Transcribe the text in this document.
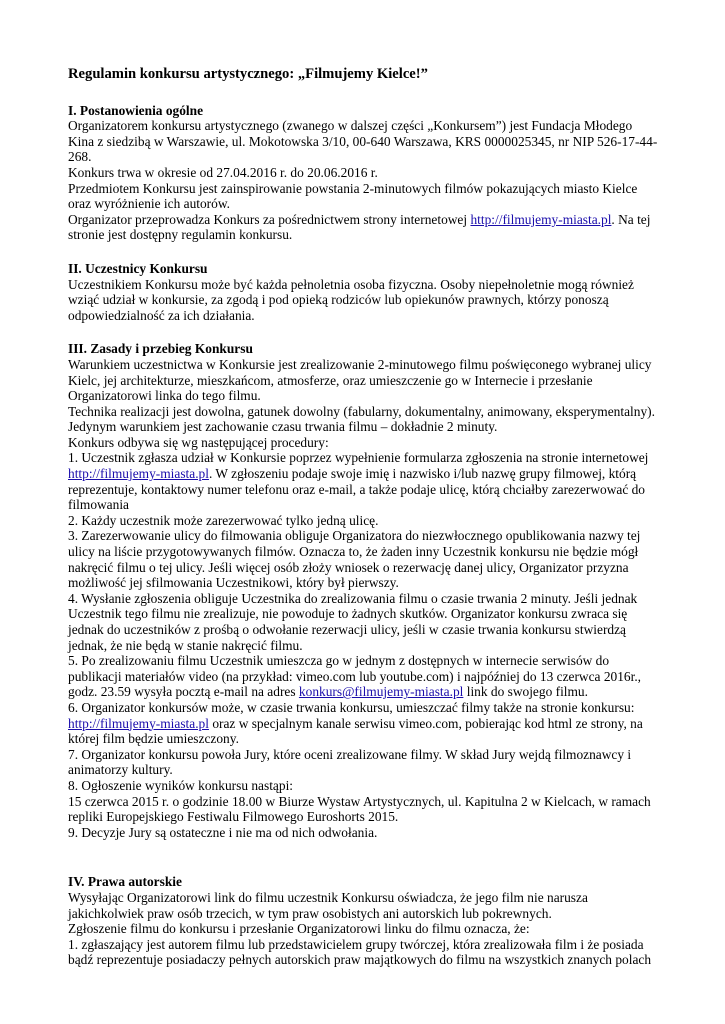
Regulamin konkursu artystycznego: „Filmujemy Kielce!”
I. Postanowienia ogólne
Organizatorem konkursu artystycznego (zwanego w dalszej części „Konkursem”) jest Fundacja Młodego Kina z siedzibą w Warszawie, ul. Mokotowska 3/10, 00-640 Warszawa, KRS 0000025345, nr NIP 526-17-44-268.
Konkurs trwa w okresie od 27.04.2016 r. do 20.06.2016 r.
Przedmiotem Konkursu jest zainspirowanie powstania 2-minutowych filmów pokazujących miasto Kielce oraz wyróżnienie ich autorów.
Organizator przeprowadza Konkurs za pośrednictwem strony internetowej http://filmujemy-miasta.pl. Na tej stronie jest dostępny regulamin konkursu.
II. Uczestnicy Konkursu
Uczestnikiem Konkursu może być każda pełnoletnia osoba fizyczna. Osoby niepełnoletnie mogą również wziąć udział w konkursie, za zgodą i pod opieką rodziców lub opiekunów prawnych, którzy ponoszą odpowiedzialność za ich działania.
III. Zasady i przebieg Konkursu
Warunkiem uczestnictwa w Konkursie jest zrealizowanie 2-minutowego filmu poświęconego wybranej ulicy Kielc, jej architekturze, mieszkańcom, atmosferze, oraz umieszczenie go w Internecie i przesłanie Organizatorowi linka do tego filmu.
Technika realizacji jest dowolna, gatunek dowolny (fabularny, dokumentalny, animowany, eksperymentalny). Jedynym warunkiem jest zachowanie czasu trwania filmu – dokładnie 2 minuty.
Konkurs odbywa się wg następującej procedury:
1. Uczestnik zgłasza udział w Konkursie poprzez wypełnienie formularza zgłoszenia na stronie internetowej http://filmujemy-miasta.pl. W zgłoszeniu podaje swoje imię i nazwisko i/lub nazwę grupy filmowej, którą reprezentuje, kontaktowy numer telefonu oraz e-mail, a także podaje ulicę, którą chciałby zarezerwować do filmowania
2. Każdy uczestnik może zarezerwować tylko jedną ulicę.
3. Zarezerwowanie ulicy do filmowania obliguje Organizatora do niezwłocznego opublikowania nazwy tej ulicy na liście przygotowywanych filmów. Oznacza to, że żaden inny Uczestnik konkursu nie będzie mógł nakręcić filmu o tej ulicy. Jeśli więcej osób złoży wniosek o rezerwację danej ulicy, Organizator przyzna możliwość jej sfilmowania Uczestnikowi, który był pierwszy.
4. Wysłanie zgłoszenia obliguje Uczestnika do zrealizowania filmu o czasie trwania 2 minuty. Jeśli jednak Uczestnik tego filmu nie zrealizuje, nie powoduje to żadnych skutków. Organizator konkursu zwraca się jednak do uczestników z prośbą o odwołanie rezerwacji ulicy, jeśli w czasie trwania konkursu stwierdzą jednak, że nie będą w stanie nakręcić filmu.
5. Po zrealizowaniu filmu Uczestnik umieszcza go w jednym z dostępnych w internecie serwisów do publikacji materiałów video (na przykład: vimeo.com lub youtube.com) i najpóźniej do 13 czerwca 2016r., godz. 23.59 wysyła pocztą e-mail na adres konkurs@filmujemy-miasta.pl link do swojego filmu.
6. Organizator konkursów może, w czasie trwania konkursu, umieszczać filmy także na stronie konkursu: http://filmujemy-miasta.pl oraz w specjalnym kanale serwisu vimeo.com, pobierając kod html ze strony, na której film będzie umieszczony.
7. Organizator konkursu powoła Jury, które oceni zrealizowane filmy. W skład Jury wejdą filmoznawcy i animatorzy kultury.
8. Ogłoszenie wyników konkursu nastąpi:
15 czerwca 2015 r. o godzinie 18.00 w Biurze Wystaw Artystycznych, ul. Kapitulna 2 w Kielcach, w ramach repliki Europejskiego Festiwalu Filmowego Euroshorts 2015.
9. Decyzje Jury są ostateczne i nie ma od nich odwołania.
IV. Prawa autorskie
Wysyłając Organizatorowi link do filmu uczestnik Konkursu oświadcza, że jego film nie narusza jakichkolwiek praw osób trzecich, w tym praw osobistych ani autorskich lub pokrewnych.
Zgłoszenie filmu do konkursu i przesłanie Organizatorowi linku do filmu oznacza, że:
1. zgłaszający jest autorem filmu lub przedstawicielem grupy twórczej, która zrealizowała film i że posiada bądź reprezentuje posiadaczy pełnych autorskich praw majątkowych do filmu na wszystkich znanych polach
